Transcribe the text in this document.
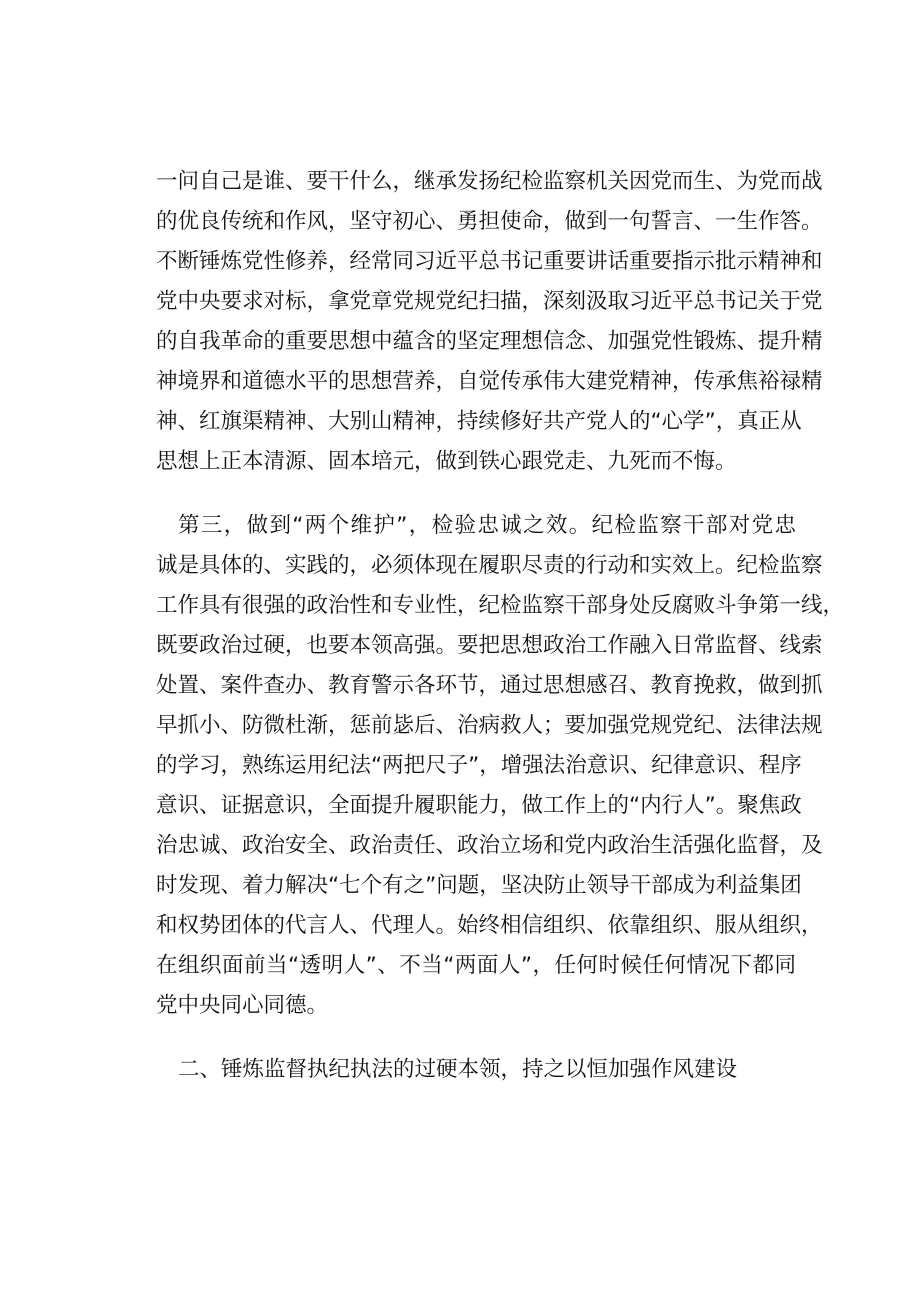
一问自己是谁、要干什么，继承发扬纪检监察机关因党而生、为党而战
的优良传统和作风，坚守初心、勇担使命，做到一句誓言、一生作答。
不断锤炼党性修养，经常同习近平总书记重要讲话重要指示批示精神和
党中央要求对标，拿党章党规党纪扫描，深刻汲取习近平总书记关于党
的自我革命的重要思想中蕴含的坚定理想信念、加强党性锻炼、提升精
神境界和道德水平的思想营养，自觉传承伟大建党精神，传承焦裕禄精
神、红旗渠精神、大别山精神，持续修好共产党人的“心学”，真正从
思想上正本清源、固本培元，做到铁心跟党走、九死而不悔。
第三，做到“两个维护”，检验忠诚之效。纪检监察干部对党忠
诚是具体的、实践的，必须体现在履职尽责的行动和实效上。纪检监察
工作具有很强的政治性和专业性，纪检监察干部身处反腐败斗争第一线，
既要政治过硬，也要本领高强。要把思想政治工作融入日常监督、线索
处置、案件查办、教育警示各环节，通过思想感召、教育挽救，做到抓
早抓小、防微杜渐，惩前毖后、治病救人；要加强党规党纪、法律法规
的学习，熟练运用纪法“两把尺子”，增强法治意识、纪律意识、程序
意识、证据意识，全面提升履职能力，做工作上的“内行人”。聚焦政
治忠诚、政治安全、政治责任、政治立场和党内政治生活强化监督，及
时发现、着力解决“七个有之”问题，坚决防止领导干部成为利益集团
和权势团体的代言人、代理人。始终相信组织、依靠组织、服从组织，
在组织面前当“透明人”、不当“两面人”，任何时候任何情况下都同
党中央同心同德。
二、锤炼监督执纪执法的过硬本领，持之以恒加强作风建设
